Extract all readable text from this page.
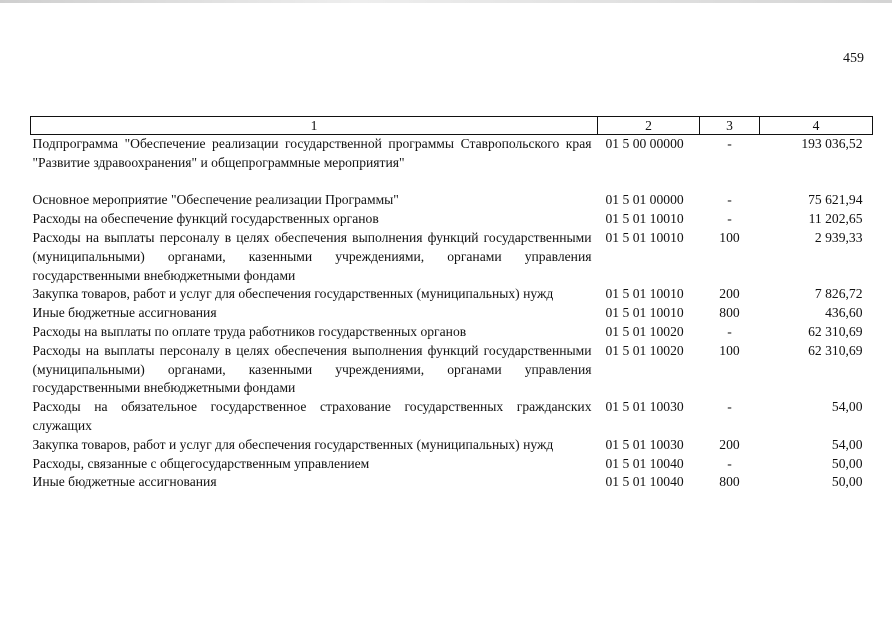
459
1	2	3	4
Подпрограмма "Обеспечение реализации государственной программы Ставропольского края "Развитие здравоохранения" и общепрограммные мероприятия"	01 5 00 00000	-	193 036,52
Основное мероприятие "Обеспечение реализации Программы"	01 5 01 00000	-	75 621,94
Расходы на обеспечение функций государственных органов	01 5 01 10010	-	11 202,65
Расходы на выплаты персоналу в целях обеспечения выполнения функций государственными (муниципальными) органами, казенными учреждениями, органами управления государственными внебюджетными фондами	01 5 01 10010	100	2 939,33
Закупка товаров, работ и услуг для обеспечения государственных (муниципальных) нужд	01 5 01 10010	200	7 826,72
Иные бюджетные ассигнования	01 5 01 10010	800	436,60
Расходы на выплаты по оплате труда работников государственных органов	01 5 01 10020	-	62 310,69
Расходы на выплаты персоналу в целях обеспечения выполнения функций государственными (муниципальными) органами, казенными учреждениями, органами управления государственными внебюджетными фондами	01 5 01 10020	100	62 310,69
Расходы на обязательное государственное страхование государственных гражданских служащих	01 5 01 10030	-	54,00
Закупка товаров, работ и услуг для обеспечения государственных (муниципальных) нужд	01 5 01 10030	200	54,00
Расходы, связанные с общегосударственным управлением	01 5 01 10040	-	50,00
Иные бюджетные ассигнования	01 5 01 10040	800	50,00
